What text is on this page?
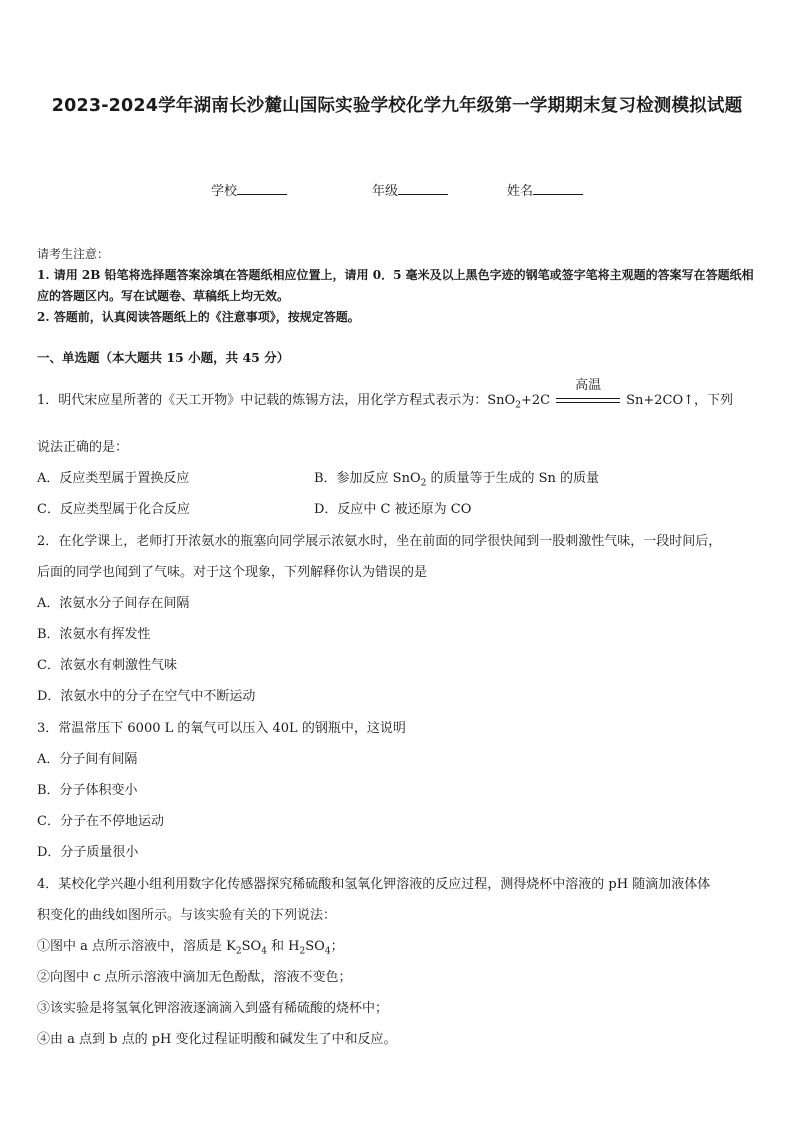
2023-2024学年湖南长沙麓山国际实验学校化学九年级第一学期期末复习检测模拟试题
学校	年级	姓名
请考生注意：
1. 请用 2B 铅笔将选择题答案涂填在答题纸相应位置上，请用 0．5 毫米及以上黑色字迹的钢笔或签字笔将主观题的答案写在答题纸相应的答题区内。写在试题卷、草稿纸上均无效。
2. 答题前，认真阅读答题纸上的《注意事项》，按规定答题。
一、单选题（本大题共 15 小题，共 45 分）
1．明代宋应星所著的《天工开物》中记载的炼锡方法，用化学方程式表示为：SnO$_2$+2C
高温
Sn+2CO↑，下列
说法正确的是：
A．反应类型属于置换反应	B．参加反应 SnO$_2$ 的质量等于生成的 Sn 的质量
C．反应类型属于化合反应	D．反应中 C 被还原为 CO
2．在化学课上，老师打开浓氨水的瓶塞向同学展示浓氨水时，坐在前面的同学很快闻到一股刺激性气味，一段时间后，
后面的同学也闻到了气味。对于这个现象，下列解释你认为错误的是
A．浓氨水分子间存在间隔
B．浓氨水有挥发性
C．浓氨水有刺激性气味
D．浓氨水中的分子在空气中不断运动
3．常温常压下 6000 L 的氧气可以压入 40L 的钢瓶中，这说明
A．分子间有间隔
B．分子体积变小
C．分子在不停地运动
D．分子质量很小
4．某校化学兴趣小组利用数字化传感器探究稀硫酸和氢氧化钾溶液的反应过程，测得烧杯中溶液的 pH 随滴加液体体
积变化的曲线如图所示。与该实验有关的下列说法：
①图中 a 点所示溶液中，溶质是 $K_2SO_4$ 和 $H_2SO_4$；
②向图中 c 点所示溶液中滴加无色酚酞，溶液不变色；
③该实验是将氢氧化钾溶液逐滴滴入到盛有稀硫酸的烧杯中；
④由 a 点到 b 点的 pH 变化过程证明酸和碱发生了中和反应。
